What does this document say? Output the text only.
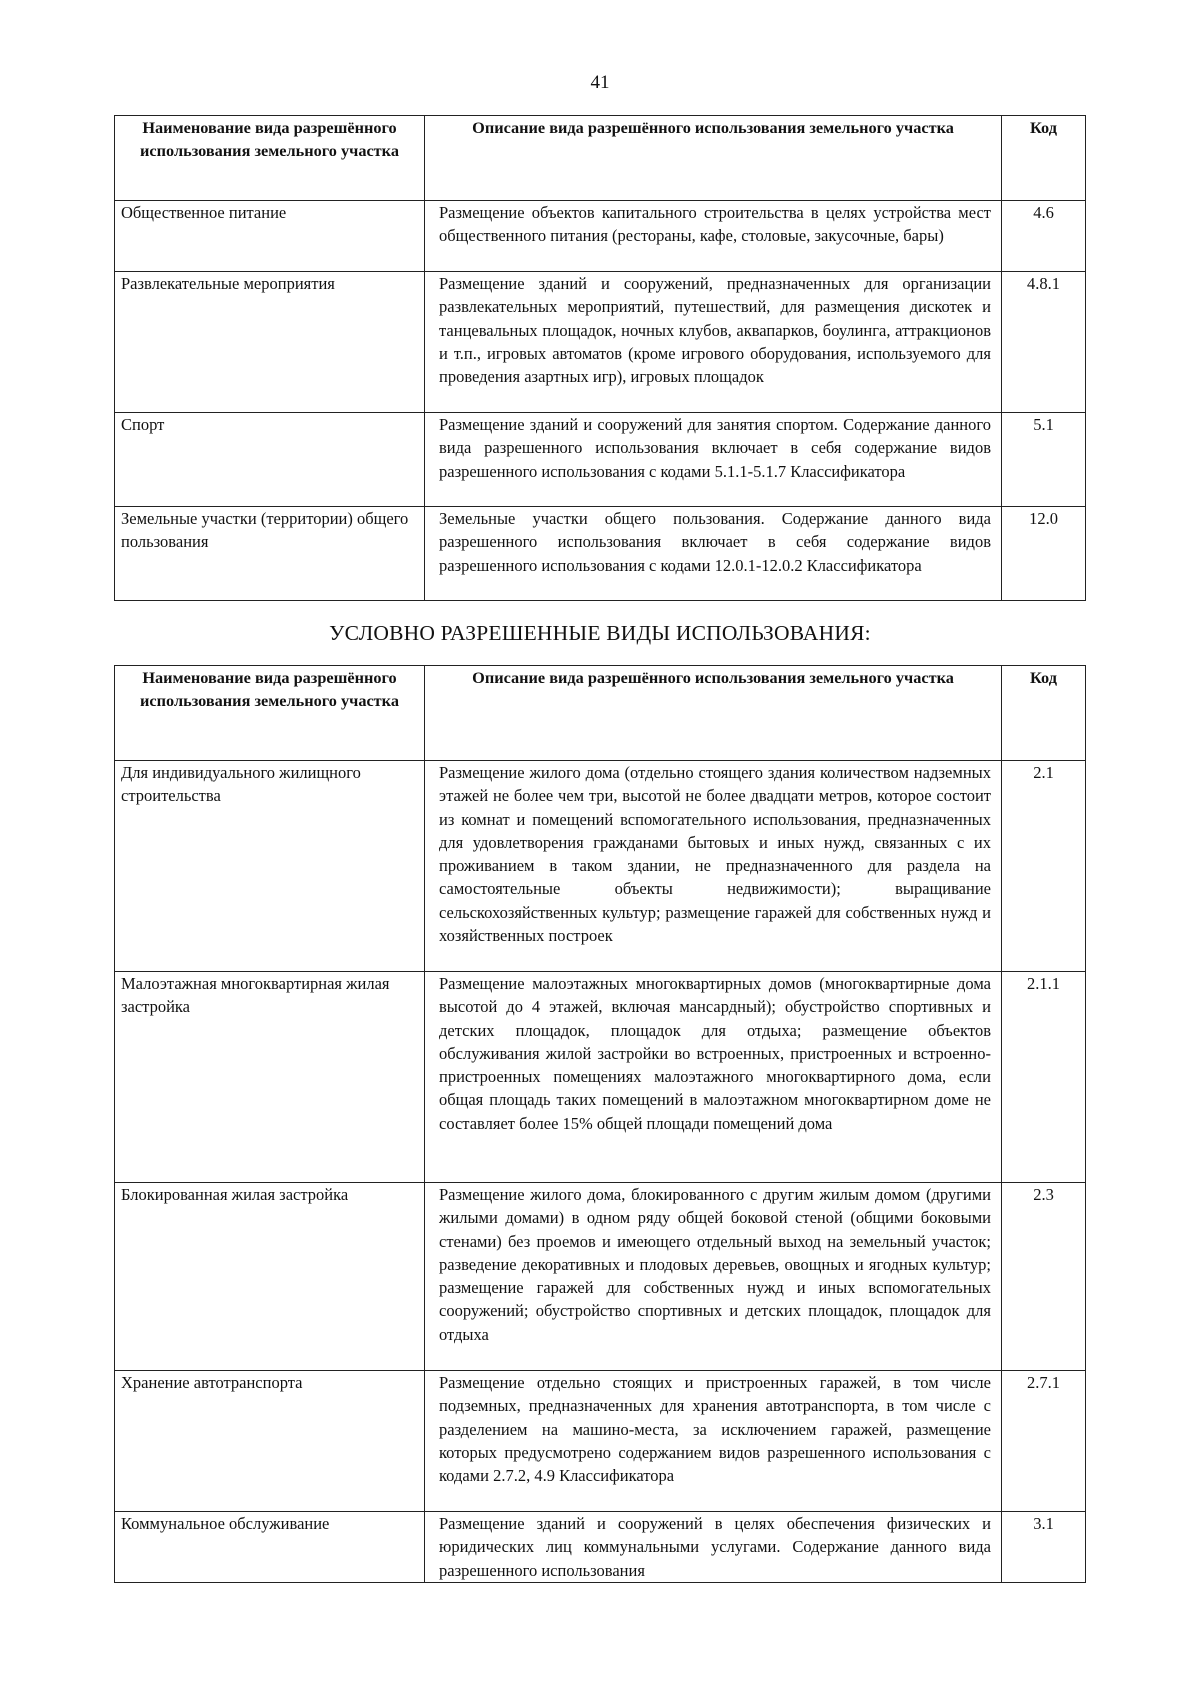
41
Наименование вида разрешённого использования земельного участка	Описание вида разрешённого использования земельного участка	Код
Общественное питание	Размещение объектов капитального строительства в целях устройства мест общественного питания (рестораны, кафе, столовые, закусочные, бары)	4.6
Развлекательные мероприятия	Размещение зданий и сооружений, предназначенных для организации развлекательных мероприятий, путешествий, для размещения дискотек и танцевальных площадок, ночных клубов, аквапарков, боулинга, аттракционов и т.п., игровых автоматов (кроме игрового оборудования, используемого для проведения азартных игр), игровых площадок	4.8.1
Спорт	Размещение зданий и сооружений для занятия спортом. Содержание данного вида разрешенного использования включает в себя содержание видов разрешенного использования с кодами 5.1.1-5.1.7 Классификатора	5.1
Земельные участки (территории) общего пользования	Земельные участки общего пользования. Содержание данного вида разрешенного использования включает в себя содержание видов разрешенного использования с кодами 12.0.1-12.0.2 Классификатора	12.0
УСЛОВНО РАЗРЕШЕННЫЕ ВИДЫ ИСПОЛЬЗОВАНИЯ:
Наименование вида разрешённого использования земельного участка	Описание вида разрешённого использования земельного участка	Код
Для индивидуального жилищного строительства	Размещение жилого дома (отдельно стоящего здания количеством надземных этажей не более чем три, высотой не более двадцати метров, которое состоит из комнат и помещений вспомогательного использования, предназначенных для удовлетворения гражданами бытовых и иных нужд, связанных с их проживанием в таком здании, не предназначенного для раздела на самостоятельные объекты недвижимости); выращивание сельскохозяйственных культур; размещение гаражей для собственных нужд и хозяйственных построек	2.1
Малоэтажная многоквартирная жилая застройка	Размещение малоэтажных многоквартирных домов (многоквартирные дома высотой до 4 этажей, включая мансардный); обустройство спортивных и детских площадок, площадок для отдыха; размещение объектов обслуживания жилой застройки во встроенных, пристроенных и встроенно-пристроенных помещениях малоэтажного многоквартирного дома, если общая площадь таких помещений в малоэтажном многоквартирном доме не составляет более 15% общей площади помещений дома	2.1.1
Блокированная жилая застройка	Размещение жилого дома, блокированного с другим жилым домом (другими жилыми домами) в одном ряду общей боковой стеной (общими боковыми стенами) без проемов и имеющего отдельный выход на земельный участок; разведение декоративных и плодовых деревьев, овощных и ягодных культур; размещение гаражей для собственных нужд и иных вспомогательных сооружений; обустройство спортивных и детских площадок, площадок для отдыха	2.3
Хранение автотранспорта	Размещение отдельно стоящих и пристроенных гаражей, в том числе подземных, предназначенных для хранения автотранспорта, в том числе с разделением на машино-места, за исключением гаражей, размещение которых предусмотрено содержанием видов разрешенного использования с кодами 2.7.2, 4.9 Классификатора	2.7.1
Коммунальное обслуживание	Размещение зданий и сооружений в целях обеспечения физических и юридических лиц коммунальными услугами. Содержание данного вида разрешенного использования	3.1
